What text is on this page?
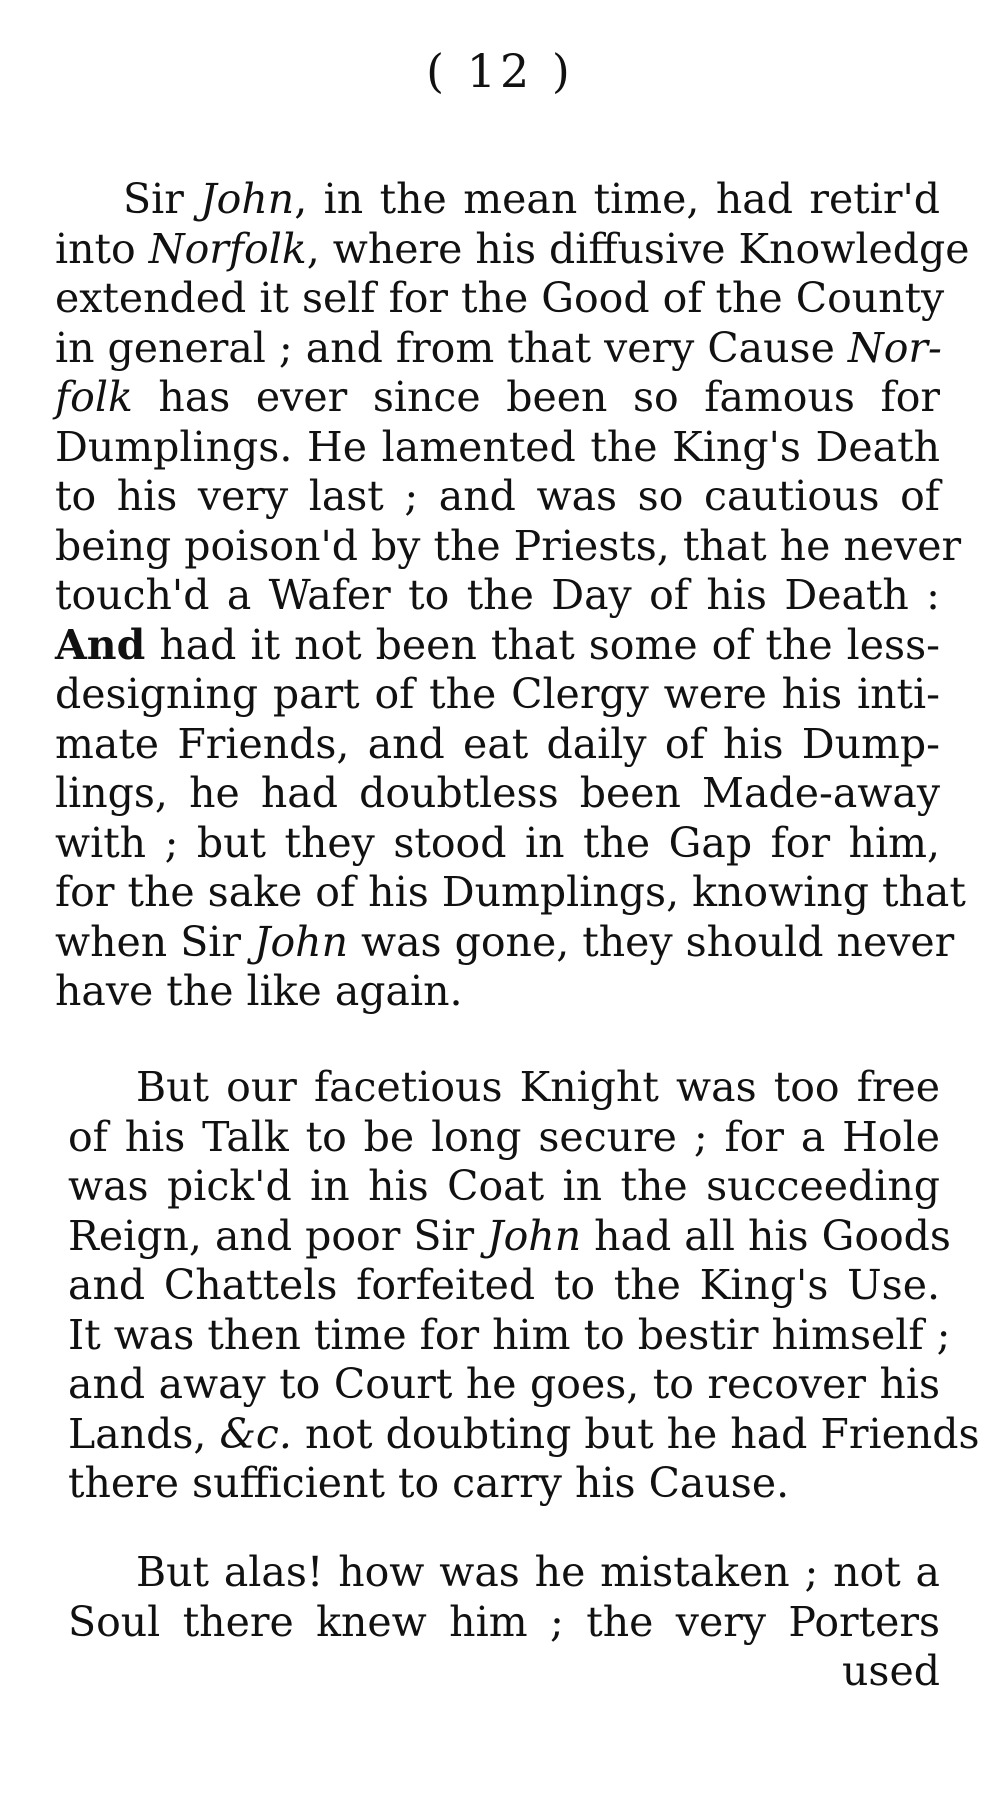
( 12 )
Sir John, in the mean time, had retir'd
into Norfolk, where his diffusive Knowledge
extended it self for the Good of the County
in general ; and from that very Cause Nor-
folk has ever since been so famous for
Dumplings. He lamented the King's Death
to his very last ; and was so cautious of
being poison'd by the Priests, that he never
touch'd a Wafer to the Day of his Death :
And had it not been that some of the less-
designing part of the Clergy were his inti-
mate Friends, and eat daily of his Dump-
lings, he had doubtless been Made-away
with ; but they stood in the Gap for him,
for the sake of his Dumplings, knowing that
when Sir John was gone, they should never
have the like again.
But our facetious Knight was too free
of his Talk to be long secure ; for a Hole
was pick'd in his Coat in the succeeding
Reign, and poor Sir John had all his Goods
and Chattels forfeited to the King's Use.
It was then time for him to bestir himself ;
and away to Court he goes, to recover his
Lands, &c. not doubting but he had Friends
there sufficient to carry his Cause.
But alas! how was he mistaken ; not a
Soul there knew him ; the very Porters
used
